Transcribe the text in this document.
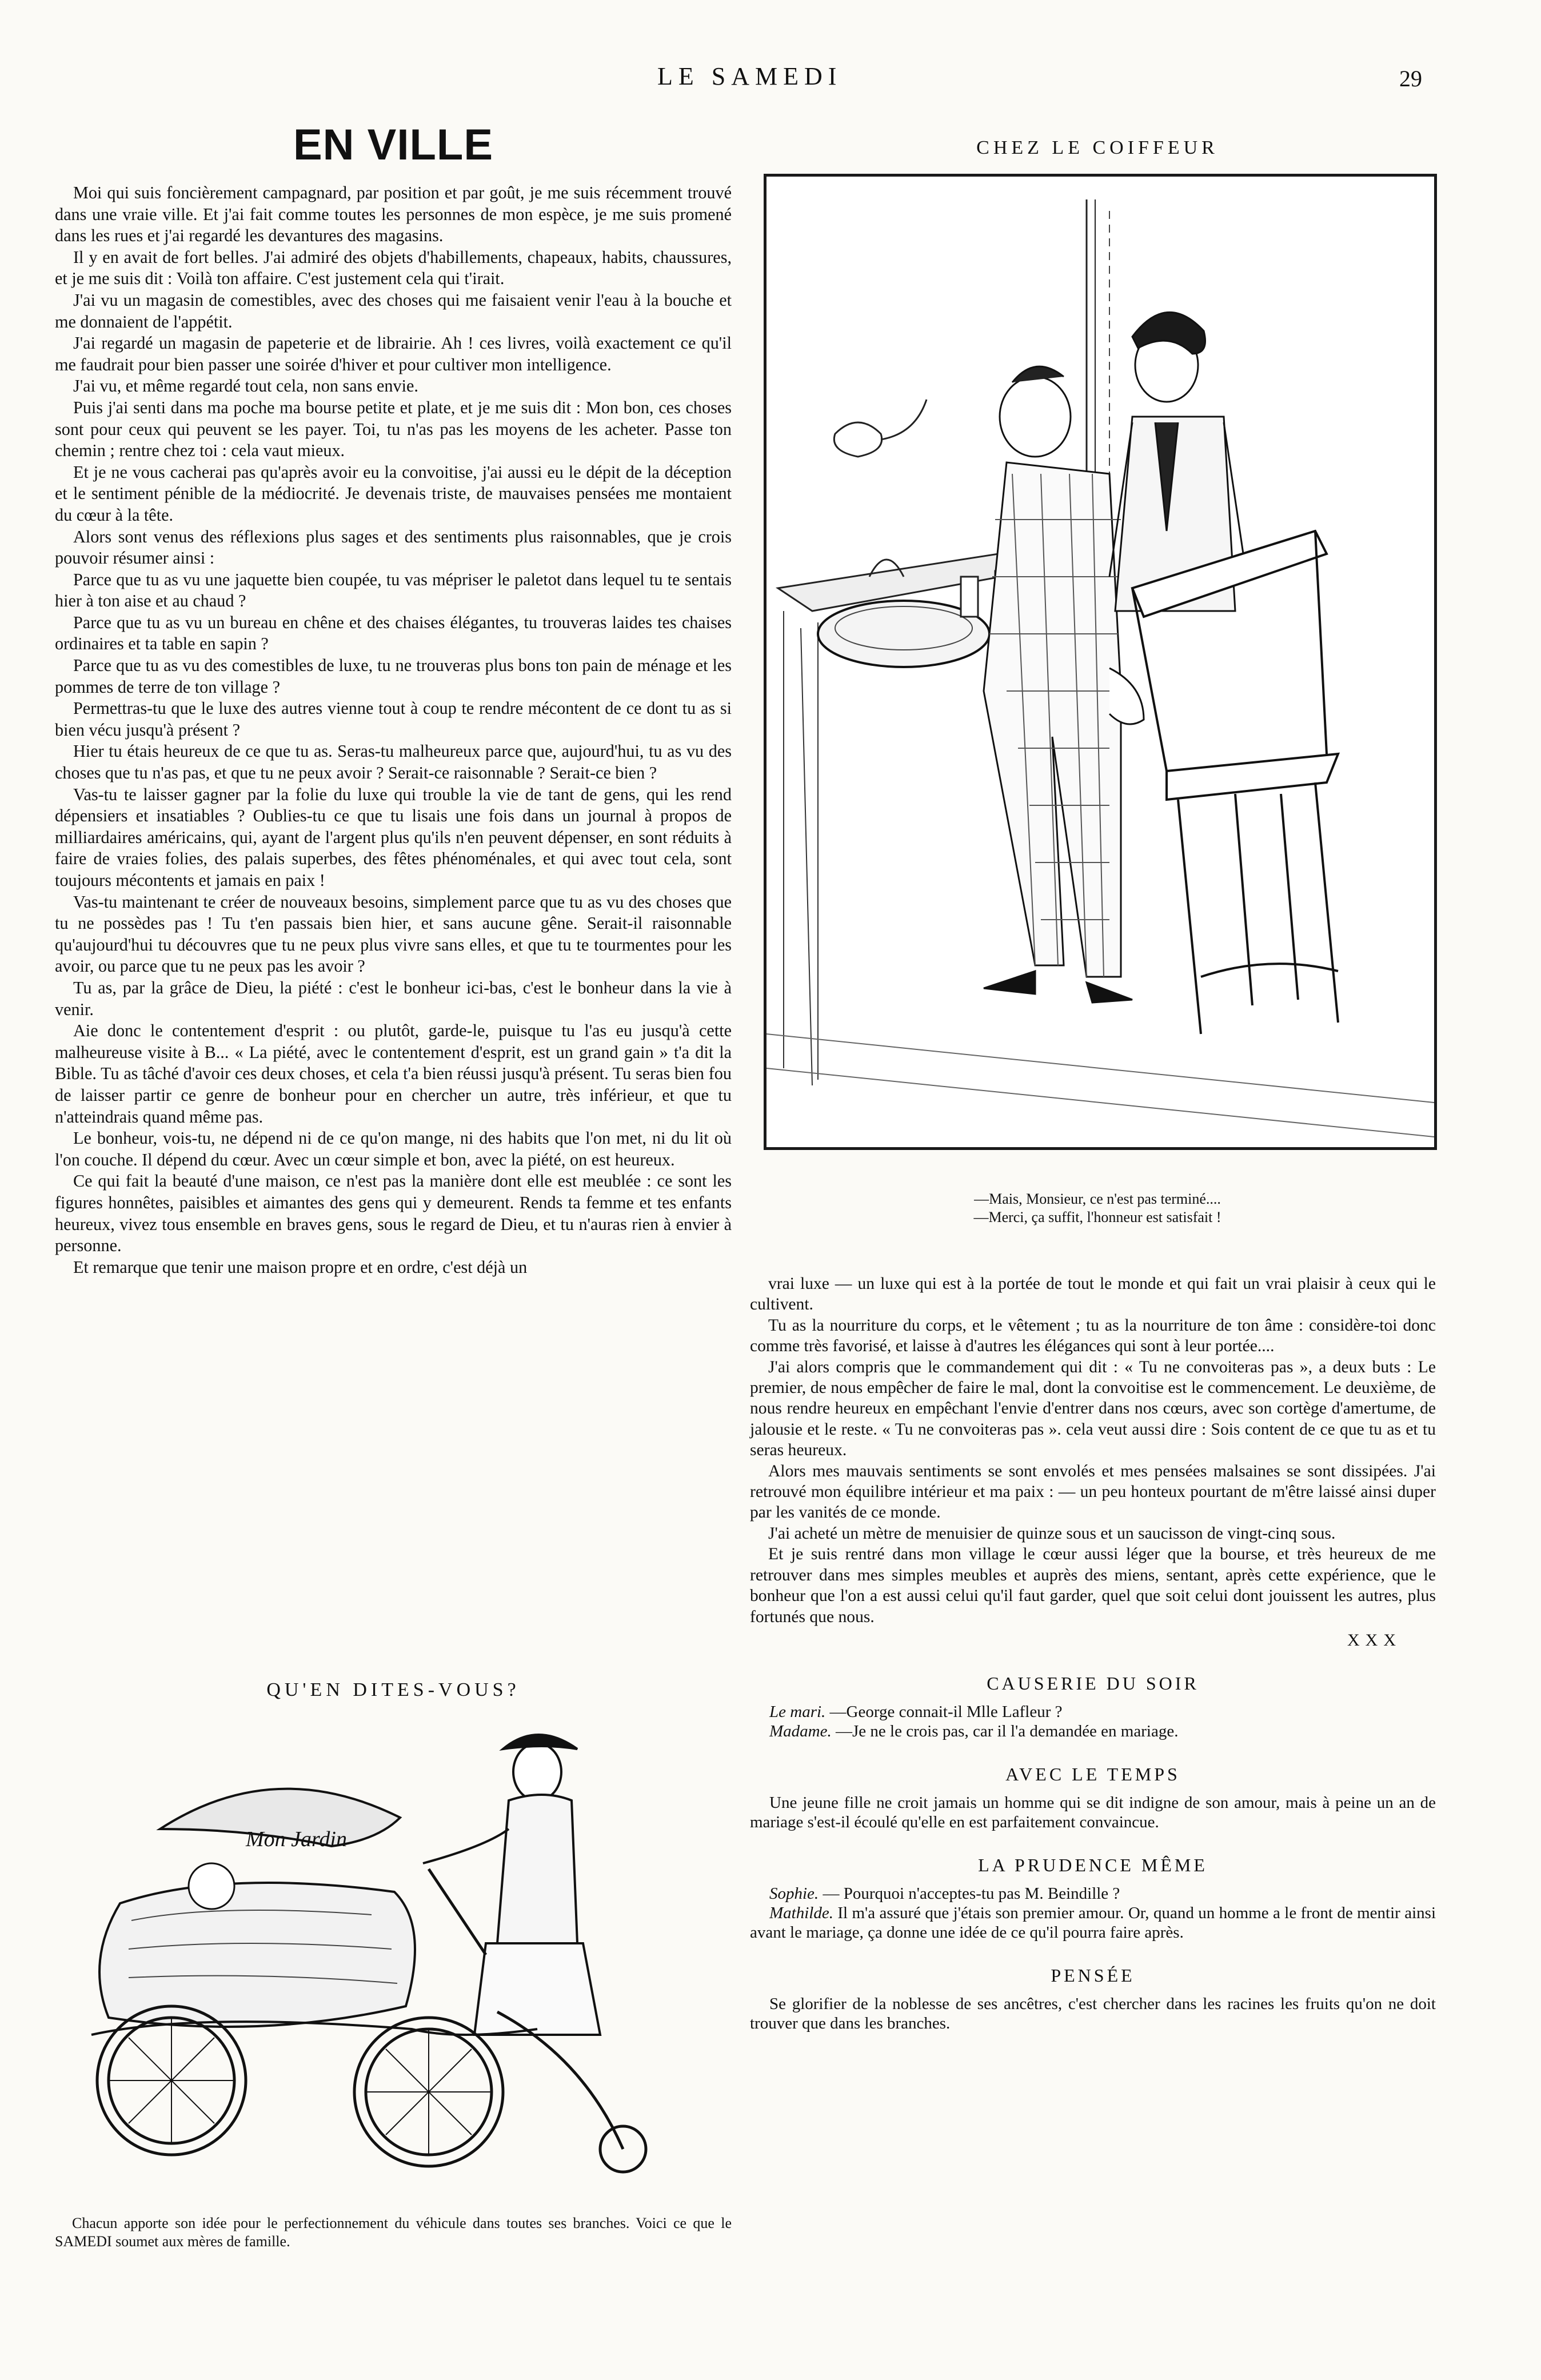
LE SAMEDI	29
EN VILLE

Moi qui suis foncièrement campagnard, par position et par goût, je me suis récemment trouvé dans une vraie ville. Et j'ai fait comme toutes les personnes de mon espèce, je me suis promené dans les rues et j'ai regardé les devantures des magasins.

Il y en avait de fort belles. J'ai admiré des objets d'habillements, chapeaux, habits, chaussures, et je me suis dit : Voilà ton affaire. C'est justement cela qui t'irait.

J'ai vu un magasin de comestibles, avec des choses qui me faisaient venir l'eau à la bouche et me donnaient de l'appétit.

J'ai regardé un magasin de papeterie et de librairie. Ah ! ces livres, voilà exactement ce qu'il me faudrait pour bien passer une soirée d'hiver et pour cultiver mon intelligence.

J'ai vu, et même regardé tout cela, non sans envie.

Puis j'ai senti dans ma poche ma bourse petite et plate, et je me suis dit : Mon bon, ces choses sont pour ceux qui peuvent se les payer. Toi, tu n'as pas les moyens de les acheter. Passe ton chemin ; rentre chez toi : cela vaut mieux.

Et je ne vous cacherai pas qu'après avoir eu la convoitise, j'ai aussi eu le dépit de la déception et le sentiment pénible de la médiocrité. Je devenais triste, de mauvaises pensées me montaient du cœur à la tête.

Alors sont venus des réflexions plus sages et des sentiments plus raisonnables, que je crois pouvoir résumer ainsi :

Parce que tu as vu une jaquette bien coupée, tu vas mépriser le paletot dans lequel tu te sentais hier à ton aise et au chaud ?

Parce que tu as vu un bureau en chêne et des chaises élégantes, tu trouveras laides tes chaises ordinaires et ta table en sapin ?

Parce que tu as vu des comestibles de luxe, tu ne trouveras plus bons ton pain de ménage et les pommes de terre de ton village ?

Permettras-tu que le luxe des autres vienne tout à coup te rendre mécontent de ce dont tu as si bien vécu jusqu'à présent ?

Hier tu étais heureux de ce que tu as. Seras-tu malheureux parce que, aujourd'hui, tu as vu des choses que tu n'as pas, et que tu ne peux avoir ? Serait-ce raisonnable ? Serait-ce bien ?

Vas-tu te laisser gagner par la folie du luxe qui trouble la vie de tant de gens, qui les rend dépensiers et insatiables ? Oublies-tu ce que tu lisais une fois dans un journal à propos de milliardaires américains, qui, ayant de l'argent plus qu'ils n'en peuvent dépenser, en sont réduits à faire de vraies folies, des palais superbes, des fêtes phénoménales, et qui avec tout cela, sont toujours mécontents et jamais en paix !

Vas-tu maintenant te créer de nouveaux besoins, simplement parce que tu as vu des choses que tu ne possèdes pas ! Tu t'en passais bien hier, et sans aucune gêne. Serait-il raisonnable qu'aujourd'hui tu découvres que tu ne peux plus vivre sans elles, et que tu te tourmentes pour les avoir, ou parce que tu ne peux pas les avoir ?

Tu as, par la grâce de Dieu, la piété : c'est le bonheur ici-bas, c'est le bonheur dans la vie à venir.

Aie donc le contentement d'esprit : ou plutôt, garde-le, puisque tu l'as eu jusqu'à cette malheureuse visite à B... « La piété, avec le contentement d'esprit, est un grand gain » t'a dit la Bible. Tu as tâché d'avoir ces deux choses, et cela t'a bien réussi jusqu'à présent. Tu seras bien fou de laisser partir ce genre de bonheur pour en chercher un autre, très inférieur, et que tu n'atteindrais quand même pas.

Le bonheur, vois-tu, ne dépend ni de ce qu'on mange, ni des habits que l'on met, ni du lit où l'on couche. Il dépend du cœur. Avec un cœur simple et bon, avec la piété, on est heureux.

Ce qui fait la beauté d'une maison, ce n'est pas la manière dont elle est meublée : ce sont les figures honnêtes, paisibles et aimantes des gens qui y demeurent. Rends ta femme et tes enfants heureux, vivez tous ensemble en braves gens, sous le regard de Dieu, et tu n'auras rien à envier à personne.

Et remarque que tenir une maison propre et en ordre, c'est déjà un

CHEZ LE COIFFEUR
—Mais, Monsieur, ce n'est pas terminé....
—Merci, ça suffit, l'honneur est satisfait !

vrai luxe — un luxe qui est à la portée de tout le monde et qui fait un vrai plaisir à ceux qui le cultivent.

Tu as la nourriture du corps, et le vêtement ; tu as la nourriture de ton âme : considère-toi donc comme très favorisé, et laisse à d'autres les élégances qui sont à leur portée....

J'ai alors compris que le commandement qui dit : « Tu ne convoiteras pas », a deux buts : Le premier, de nous empêcher de faire le mal, dont la convoitise est le commencement. Le deuxième, de nous rendre heureux en empêchant l'envie d'entrer dans nos cœurs, avec son cortège d'amertume, de jalousie et le reste. « Tu ne convoiteras pas ». cela veut aussi dire : Sois content de ce que tu as et tu seras heureux.

Alors mes mauvais sentiments se sont envolés et mes pensées malsaines se sont dissipées. J'ai retrouvé mon équilibre intérieur et ma paix : — un peu honteux pourtant de m'être laissé ainsi duper par les vanités de ce monde.

J'ai acheté un mètre de menuisier de quinze sous et un saucisson de vingt-cinq sous.

Et je suis rentré dans mon village le cœur aussi léger que la bourse, et très heureux de me retrouver dans mes simples meubles et auprès des miens, sentant, après cette expérience, que le bonheur que l'on a est aussi celui qu'il faut garder, quel que soit celui dont jouissent les autres, plus fortunés que nous.

XXX
CAUSERIE DU SOIR

Le mari. —George connait-il Mlle Lafleur ?

Madame. —Je ne le crois pas, car il l'a demandée en mariage.

AVEC LE TEMPS

Une jeune fille ne croit jamais un homme qui se dit indigne de son amour, mais à peine un an de mariage s'est-il écoulé qu'elle en est parfaitement convaincue.

LA PRUDENCE MÊME

Sophie. — Pourquoi n'acceptes-tu pas M. Beindille ?

Mathilde. Il m'a assuré que j'étais son premier amour. Or, quand un homme a le front de mentir ainsi avant le mariage, ça donne une idée de ce qu'il pourra faire après.

PENSÉE

Se glorifier de la noblesse de ses ancêtres, c'est chercher dans les racines les fruits qu'on ne doit trouver que dans les branches.

QU'EN DITES-VOUS?
Mon Jardin
Chacun apporte son idée pour le perfectionnement du véhicule dans toutes ses branches. Voici ce que le SAMEDI soumet aux mères de famille.
